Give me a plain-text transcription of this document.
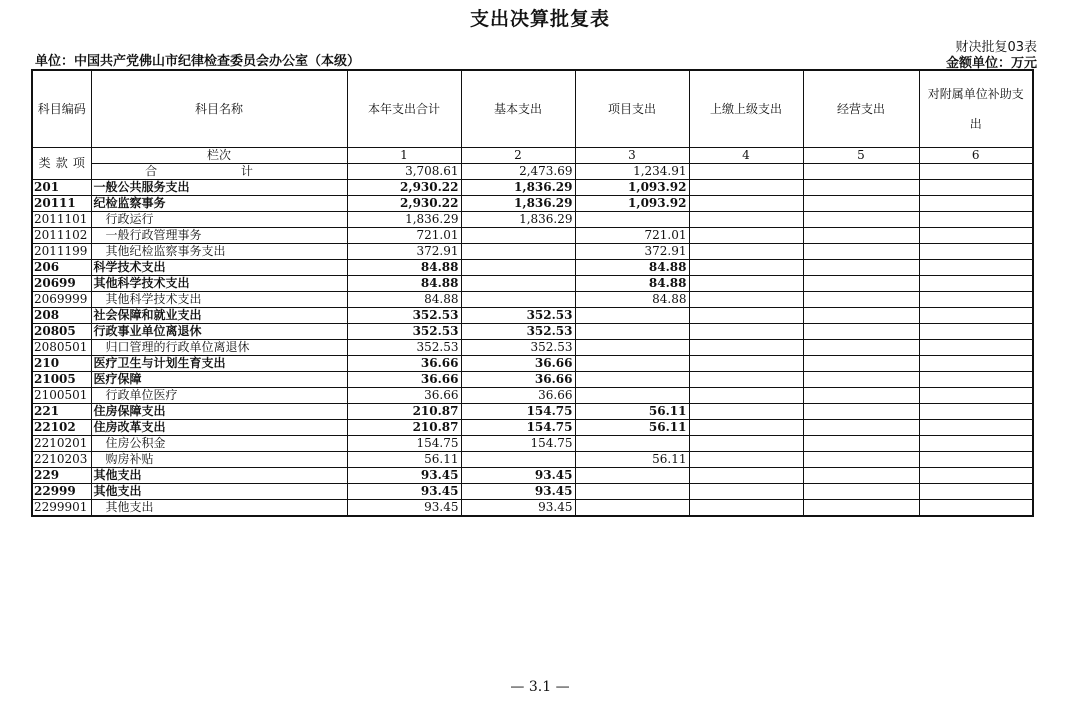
支出决算批复表
财决批复03表
单位：中国共产党佛山市纪律检查委员会办公室（本级）	金额单位：万元
科目编码	科目名称	本年支出合计	基本支出	项目支出	上缴上级支出	经营支出	对附属单位补助支出

类 款 项	栏次	1	2	3	4	5	6
	合 计	3,708.61	2,473.69	1,234.91			
201	一般公共服务支出	2,930.22	1,836.29	1,093.92			
20111	纪检监察事务	2,930.22	1,836.29	1,093.92			
2011101	行政运行	1,836.29	1,836.29				
2011102	一般行政管理事务	721.01		721.01			
2011199	其他纪检监察事务支出	372.91		372.91			
206	科学技术支出	84.88		84.88			
20699	其他科学技术支出	84.88		84.88			
2069999	其他科学技术支出	84.88		84.88			
208	社会保障和就业支出	352.53	352.53				
20805	行政事业单位离退休	352.53	352.53				
2080501	归口管理的行政单位离退休	352.53	352.53				
210	医疗卫生与计划生育支出	36.66	36.66				
21005	医疗保障	36.66	36.66				
2100501	行政单位医疗	36.66	36.66				
221	住房保障支出	210.87	154.75	56.11			
22102	住房改革支出	210.87	154.75	56.11			
2210201	住房公积金	154.75	154.75				
2210203	购房补贴	56.11		56.11			
229	其他支出	93.45	93.45				
22999	其他支出	93.45	93.45				
2299901	其他支出	93.45	93.45				
— 3.1 —
